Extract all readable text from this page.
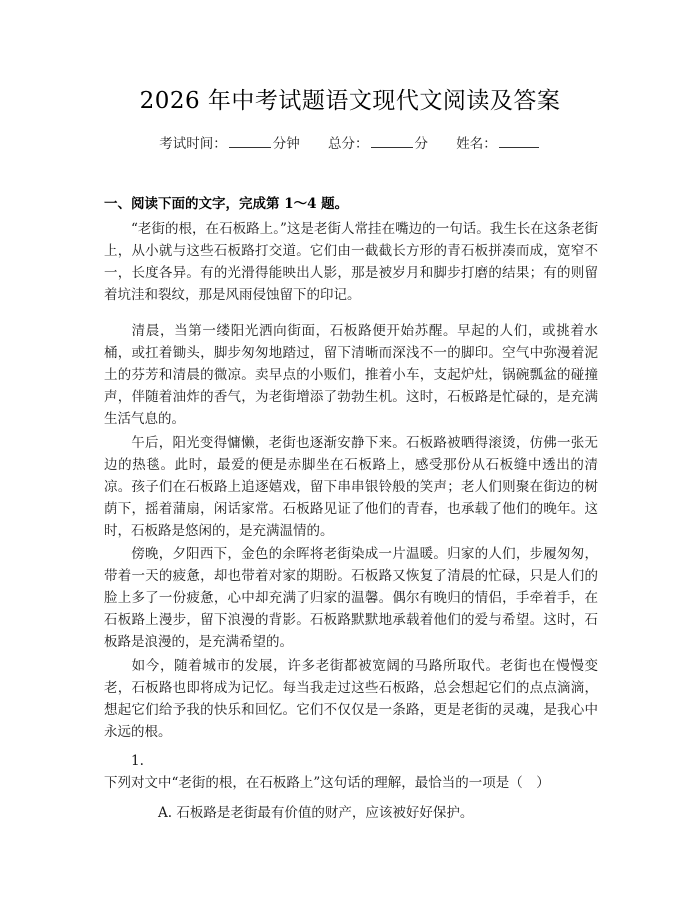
2026 年中考试题语文现代文阅读及答案
考试时间：	分钟 总分：	分 姓名：
一、阅读下面的文字，完成第 1～4 题。
“老街的根，在石板路上。”这是老街人常挂在嘴边的一句话。我生长在这条老街上，从小就与这些石板路打交道。它们由一截截长方形的青石板拼凑而成，宽窄不一，长度各异。有的光滑得能映出人影，那是被岁月和脚步打磨的结果；有的则留着坑洼和裂纹，那是风雨侵蚀留下的印记。
清晨，当第一缕阳光洒向街面，石板路便开始苏醒。早起的人们，或挑着水桶，或扛着锄头，脚步匆匆地踏过，留下清晰而深浅不一的脚印。空气中弥漫着泥土的芬芳和清晨的微凉。卖早点的小贩们，推着小车，支起炉灶，锅碗瓢盆的碰撞声，伴随着油炸的香气，为老街增添了勃勃生机。这时，石板路是忙碌的，是充满生活气息的。
午后，阳光变得慵懒，老街也逐渐安静下来。石板路被晒得滚烫，仿佛一张无边的热毯。此时，最爱的便是赤脚坐在石板路上，感受那份从石板缝中透出的清凉。孩子们在石板路上追逐嬉戏，留下串串银铃般的笑声；老人们则聚在街边的树荫下，摇着蒲扇，闲话家常。石板路见证了他们的青春，也承载了他们的晚年。这时，石板路是悠闲的，是充满温情的。
傍晚，夕阳西下，金色的余晖将老街染成一片温暖。归家的人们，步履匆匆，带着一天的疲惫，却也带着对家的期盼。石板路又恢复了清晨的忙碌，只是人们的脸上多了一份疲惫，心中却充满了归家的温馨。偶尔有晚归的情侣，手牵着手，在石板路上漫步，留下浪漫的背影。石板路默默地承载着他们的爱与希望。这时，石板路是浪漫的，是充满希望的。
如今，随着城市的发展，许多老街都被宽阔的马路所取代。老街也在慢慢变老，石板路也即将成为记忆。每当我走过这些石板路，总会想起它们的点点滴滴，想起它们给予我的快乐和回忆。它们不仅仅是一条路，更是老街的灵魂，是我心中永远的根。
1.下列对文中“老街的根，在石板路上”这句话的理解，最恰当的一项是（　）
A. 石板路是老街最有价值的财产，应该被好好保护。
